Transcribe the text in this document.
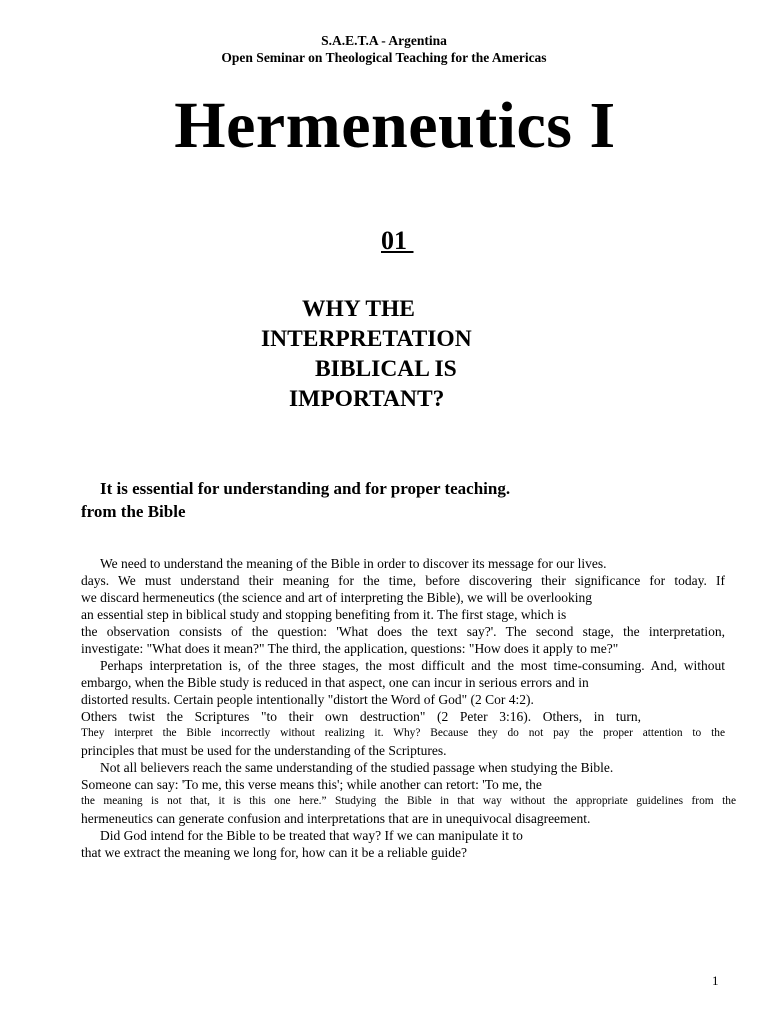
S.A.E.T.A - Argentina
Open Seminar on Theological Teaching for the Americas
Hermeneutics I
01
WHY THE
INTERPRETATION
BIBLICAL IS
IMPORTANT?
It is essential for understanding and for proper teaching.
from the Bible
We need to understand the meaning of the Bible in order to discover its message for our lives.
days. We must understand their meaning for the time, before discovering their significance for today. If
we discard hermeneutics (the science and art of interpreting the Bible), we will be overlooking
an essential step in biblical study and stopping benefiting from it. The first stage, which is
the observation consists of the question: 'What does the text say?'. The second stage, the interpretation,
investigate: "What does it mean?" The third, the application, questions: "How does it apply to me?"
Perhaps interpretation is, of the three stages, the most difficult and the most time-consuming. And, without
embargo, when the Bible study is reduced in that aspect, one can incur in serious errors and in
distorted results. Certain people intentionally "distort the Word of God" (2 Cor 4:2).
Others twist the Scriptures "to their own destruction" (2 Peter 3:16). Others, in turn,
They interpret the Bible incorrectly without realizing it. Why? Because they do not pay the proper attention to the
principles that must be used for the understanding of the Scriptures.
Not all believers reach the same understanding of the studied passage when studying the Bible.
Someone can say: 'To me, this verse means this'; while another can retort: 'To me, the
the meaning is not that, it is this one here.” Studying the Bible in that way without the appropriate guidelines from the
hermeneutics can generate confusion and interpretations that are in unequivocal disagreement.
Did God intend for the Bible to be treated that way? If we can manipulate it to
that we extract the meaning we long for, how can it be a reliable guide?
1
